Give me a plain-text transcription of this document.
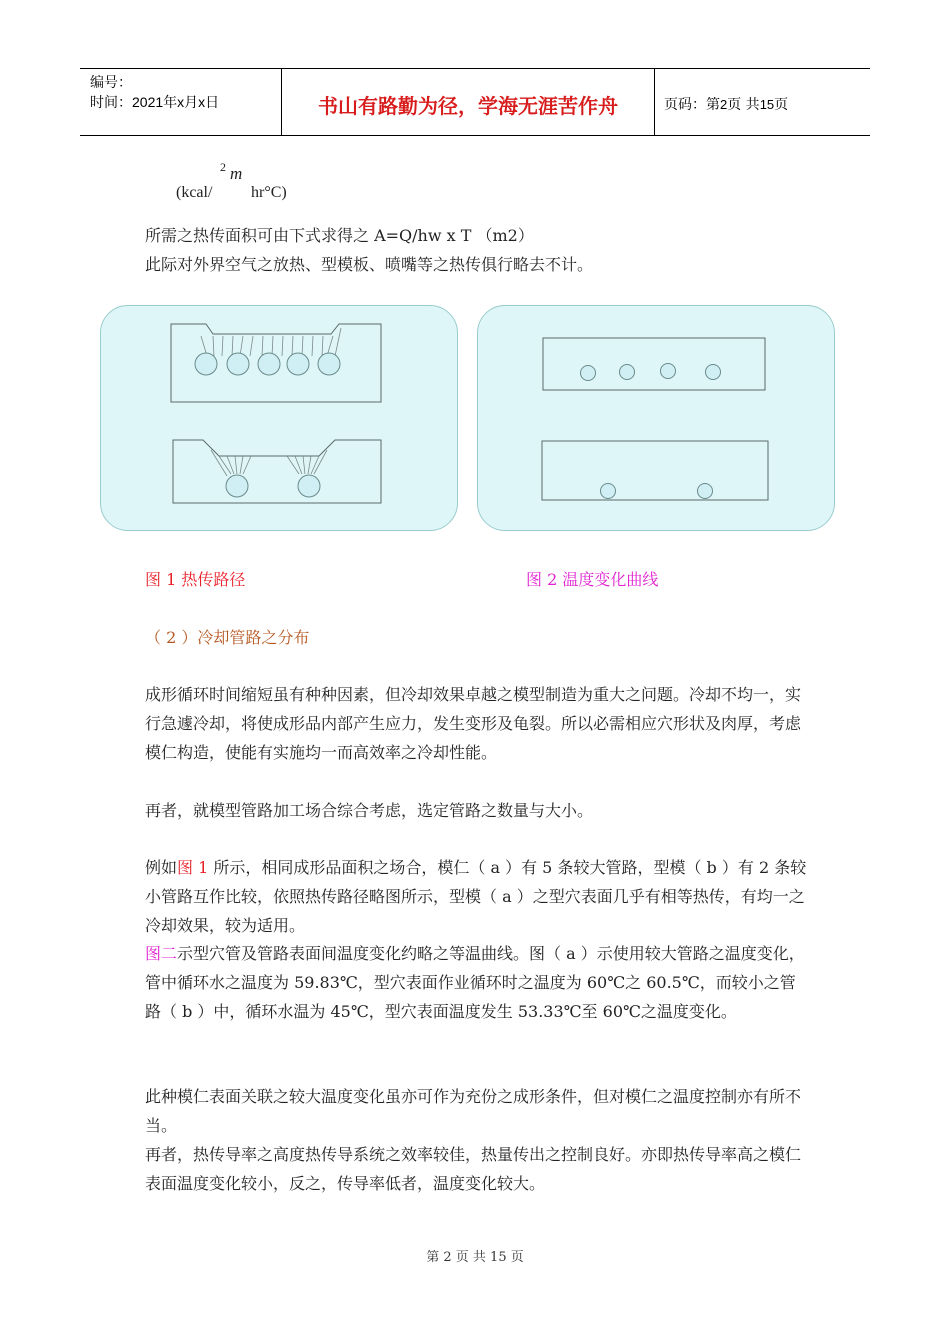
编号：
时间：2021年x月x日	书山有路勤为径，学海无涯苦作舟	页码：第2页 共15页
2 m
(kcal/ hr°C)
所需之热传面积可由下式求得之 A=Q/hw x T （m2）
此际对外界空气之放热、型模板、喷嘴等之热传俱行略去不计。
图 1 热传路径	图 2 温度变化曲线
（ 2 ）冷却管路之分布
成形循环时间缩短虽有种种因素，但冷却效果卓越之模型制造为重大之问题。冷却不均一，实行急遽冷却，将使成形品内部产生应力，发生变形及龟裂。所以必需相应穴形状及肉厚，考虑模仁构造，使能有实施均一而高效率之冷却性能。
再者，就模型管路加工场合综合考虑，选定管路之数量与大小。
例如图 1 所示，相同成形品面积之场合，模仁（ a ）有 5 条较大管路，型模（ b ）有 2 条较小管路互作比较，依照热传路径略图所示，型模（ a ）之型穴表面几乎有相等热传，有均一之冷却效果，较为适用。
图二示型穴管及管路表面间温度变化约略之等温曲线。图（ a ）示使用较大管路之温度变化，管中循环水之温度为 59.83℃，型穴表面作业循环时之温度为 60℃之 60.5℃，而较小之管路（ b ）中，循环水温为 45℃，型穴表面温度发生 53.33℃至 60℃之温度变化。
此种模仁表面关联之较大温度变化虽亦可作为充份之成形条件，但对模仁之温度控制亦有所不当。
再者，热传导率之高度热传导系统之效率较佳，热量传出之控制良好。亦即热传导率高之模仁表面温度变化较小，反之，传导率低者，温度变化较大。
第 2 页 共 15 页
